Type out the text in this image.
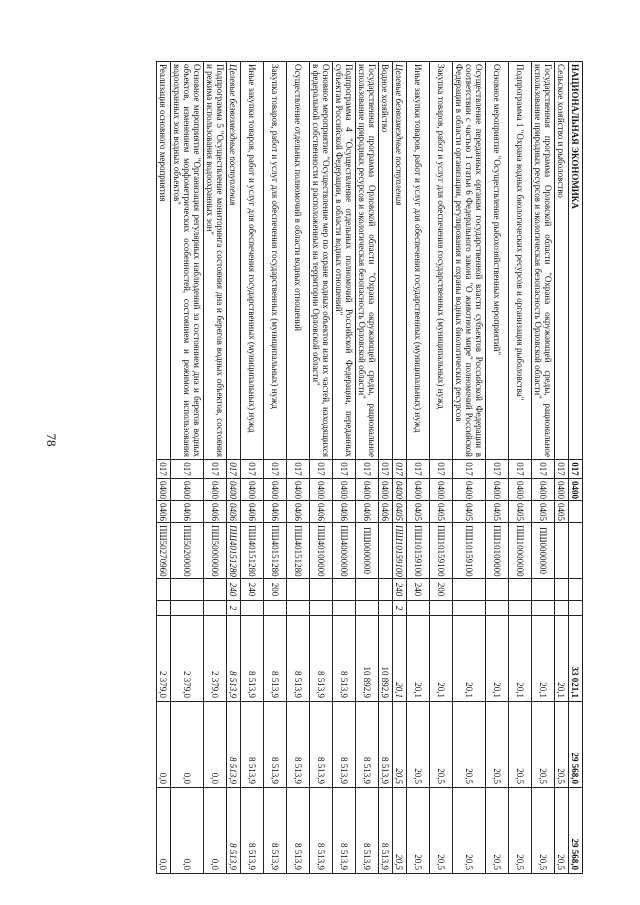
78
НАЦИОНАЛЬНАЯ ЭКОНОМИКА	017	0400					33 021,1	29 568,0	29 568,0
Сельское хозяйство и рыболовство	017	0400	0405				20,1	20,5	20,5
Государственная программа Орловской области "Охрана окружающей среды, рациональное использование природных ресурсов и экологическая безопасность Орловской области"	017	0400	0405	ПШ0000000			20,1	20,5	20,5
Подпрограмма 1 "Охрана водных биологических ресурсов и организация рыболовства"	017	0400	0405	ПШ10000000			20,1	20,5	20,5
Основное мероприятие "Осуществление рыбохозяйственных мероприятий"	017	0400	0405	ПШ10100000			20,1	20,5	20,5
Осуществление переданных органам государственной власти субъектов Российской Федерации в соответствии с частью 1 статьи 6 Федерального закона "О животном мире" полномочий Российской Федерации в области организации, регулирования и охраны водных биологических ресурсов	017	0400	0405	ПШ10159100			20,1	20,5	20,5
Закупка товаров, работ и услуг для обеспечения государственных (муниципальных) нужд	017	0400	0405	ПШ10159100	200		20,1	20,5	20,5
Иные закупки товаров, работ и услуг для обеспечения государственных (муниципальных) нужд	017	0400	0405	ПШ10159100	240		20,1	20,5	20,5
Целевые безвозмездные поступления	017	0400	0405	ПШ10159100	240	2	20,1	20,5	20,5
Водное хозяйство	017	0400	0406				10 892,9	8 513,9	8 513,9
Государственная программа Орловской области "Охрана окружающей среды, рациональное использование природных ресурсов и экологическая безопасность Орловской области"	017	0400	0406	ПШ0000000			10 892,9	8 513,9	8 513,9
Подпрограмма 4 "Осуществление отдельных полномочий Российской Федерации, переданных субъектам Российской Федерации, в области водных отношений"	017	0400	0406	ПШ40000000			8 513,9	8 513,9	8 513,9
Основное мероприятие "Осуществление мер по охране водных объектов или их частей, находящихся в федеральной собственности и расположенных на территории Орловской области"	017	0400	0406	ПШ40100000			8 513,9	8 513,9	8 513,9
Осуществление отдельных полномочий в области водных отношений	017	0400	0406	ПШ40151280			8 513,9	8 513,9	8 513,9
Закупка товаров, работ и услуг для обеспечения государственных (муниципальных) нужд	017	0400	0406	ПШ40151280	200		8 513,9	8 513,9	8 513,9
Иные закупки товаров, работ и услуг для обеспечения государственных (муниципальных) нужд	017	0400	0406	ПШ40151280	240		8 513,9	8 513,9	8 513,9
Целевые безвозмездные поступления	017	0400	0406	ПШ40151280	240	2	8 513,9	8 513,9	8 513,9
Подпрограмма 5 "Осуществление мониторинга состояния дна и берегов водных объектов, состояния и режима использования водоохранных зон"	017	0400	0406	ПШ50000000			2 379,0	0,0	0,0
Основное мероприятие "Организация регулярных наблюдений за состоянием дна и берегов водных объектов, изменением морфометрических особенностей, состоянием и режимом использования водоохранных зон водных объектов"	017	0400	0406	ПШ50200000			2 379,0	0,0	0,0
Реализация основного мероприятия	017	0400	0406	ПШ50270960			2 379,0	0,0	0,0
